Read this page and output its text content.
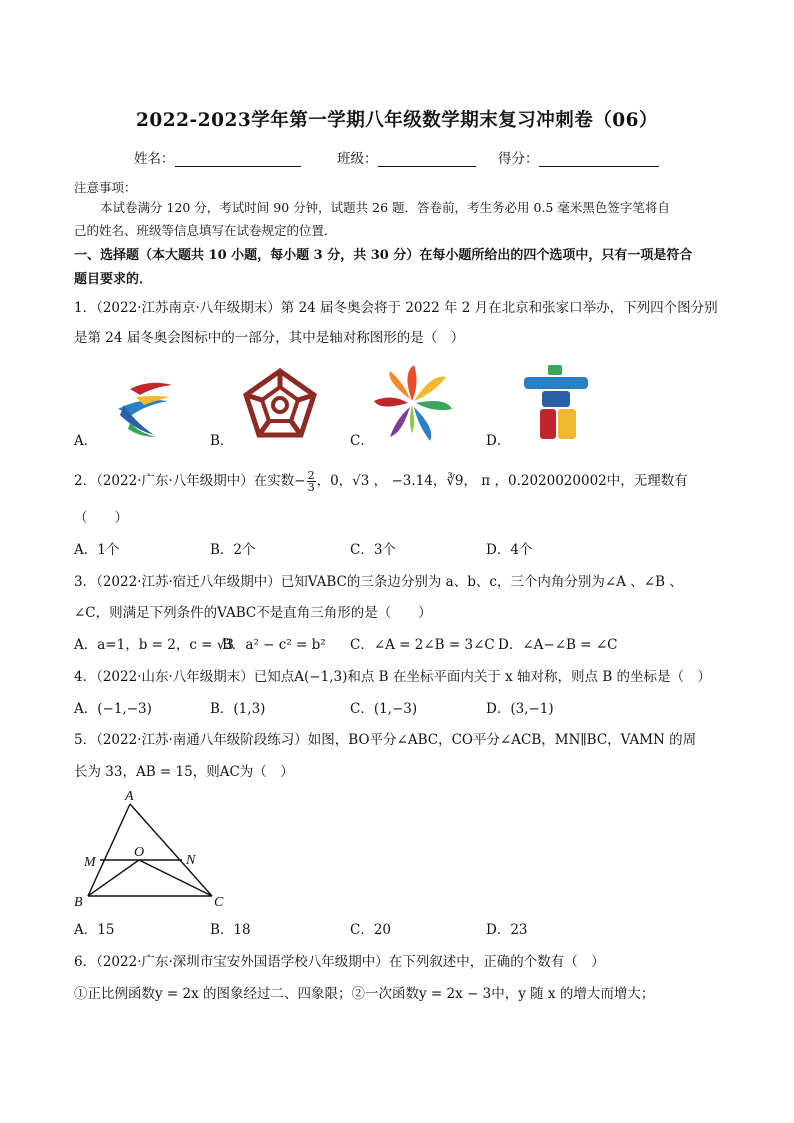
2022-2023学年第一学期八年级数学期末复习冲刺卷（06）
姓名：	班级：	得分：
注意事项：
本试卷满分 120 分，考试时间 90 分钟，试题共 26 题．答卷前，考生务必用 0.5 毫米黑色签字笔将自
己的姓名、班级等信息填写在试卷规定的位置．
一、选择题（本大题共 10 小题，每小题 3 分，共 30 分）在每小题所给出的四个选项中，只有一项是符合
题目要求的．
1．（2022·江苏南京·八年级期末）第 24 届冬奥会将于 2022 年 2 月在北京和张家口举办，下列四个图分别
是第 24 届冬奥会图标中的一部分，其中是轴对称图形的是（　）
A．	B．	C．	D．
2．（2022·广东·八年级期中）在实数− $\frac{2}{3}$ ，0，√3 ， −3.14，∛9， π ，0.2020020002中，无理数有
（　　）
A．1个	B．2个	C．3个	D．4个
3．（2022·江苏·宿迁八年级期中）已知VABC的三条边分别为 a、b、c，三个内角分别为∠A 、∠B 、
∠C，则满足下列条件的VABC不是直角三角形的是（　　）
A．a=1，b = 2，c = √3
B．a² − c² = b² C．∠A = 2∠B = 3∠C D．∠A−∠B = ∠C
4．（2022·山东·八年级期末）已知点A(−1,3)和点 B 在坐标平面内关于 x 轴对称，则点 B 的坐标是（　）
A．(−1,−3)	B．(1,3)	C．(1,−3)	D．(3,−1)
5．（2022·江苏·南通八年级阶段练习）如图，BO平分∠ABC，CO平分∠ACB，MN∥BC，VAMN 的周
长为 33，AB = 15，则AC为（　）
A
M
O
N
B	C
A．15	B．18	C．20	D．23
6．（2022·广东·深圳市宝安外国语学校八年级期中）在下列叙述中，正确的个数有（　）
①正比例函数y = 2x 的图象经过二、四象限；②一次函数y = 2x − 3中，y 随 x 的增大而增大；
